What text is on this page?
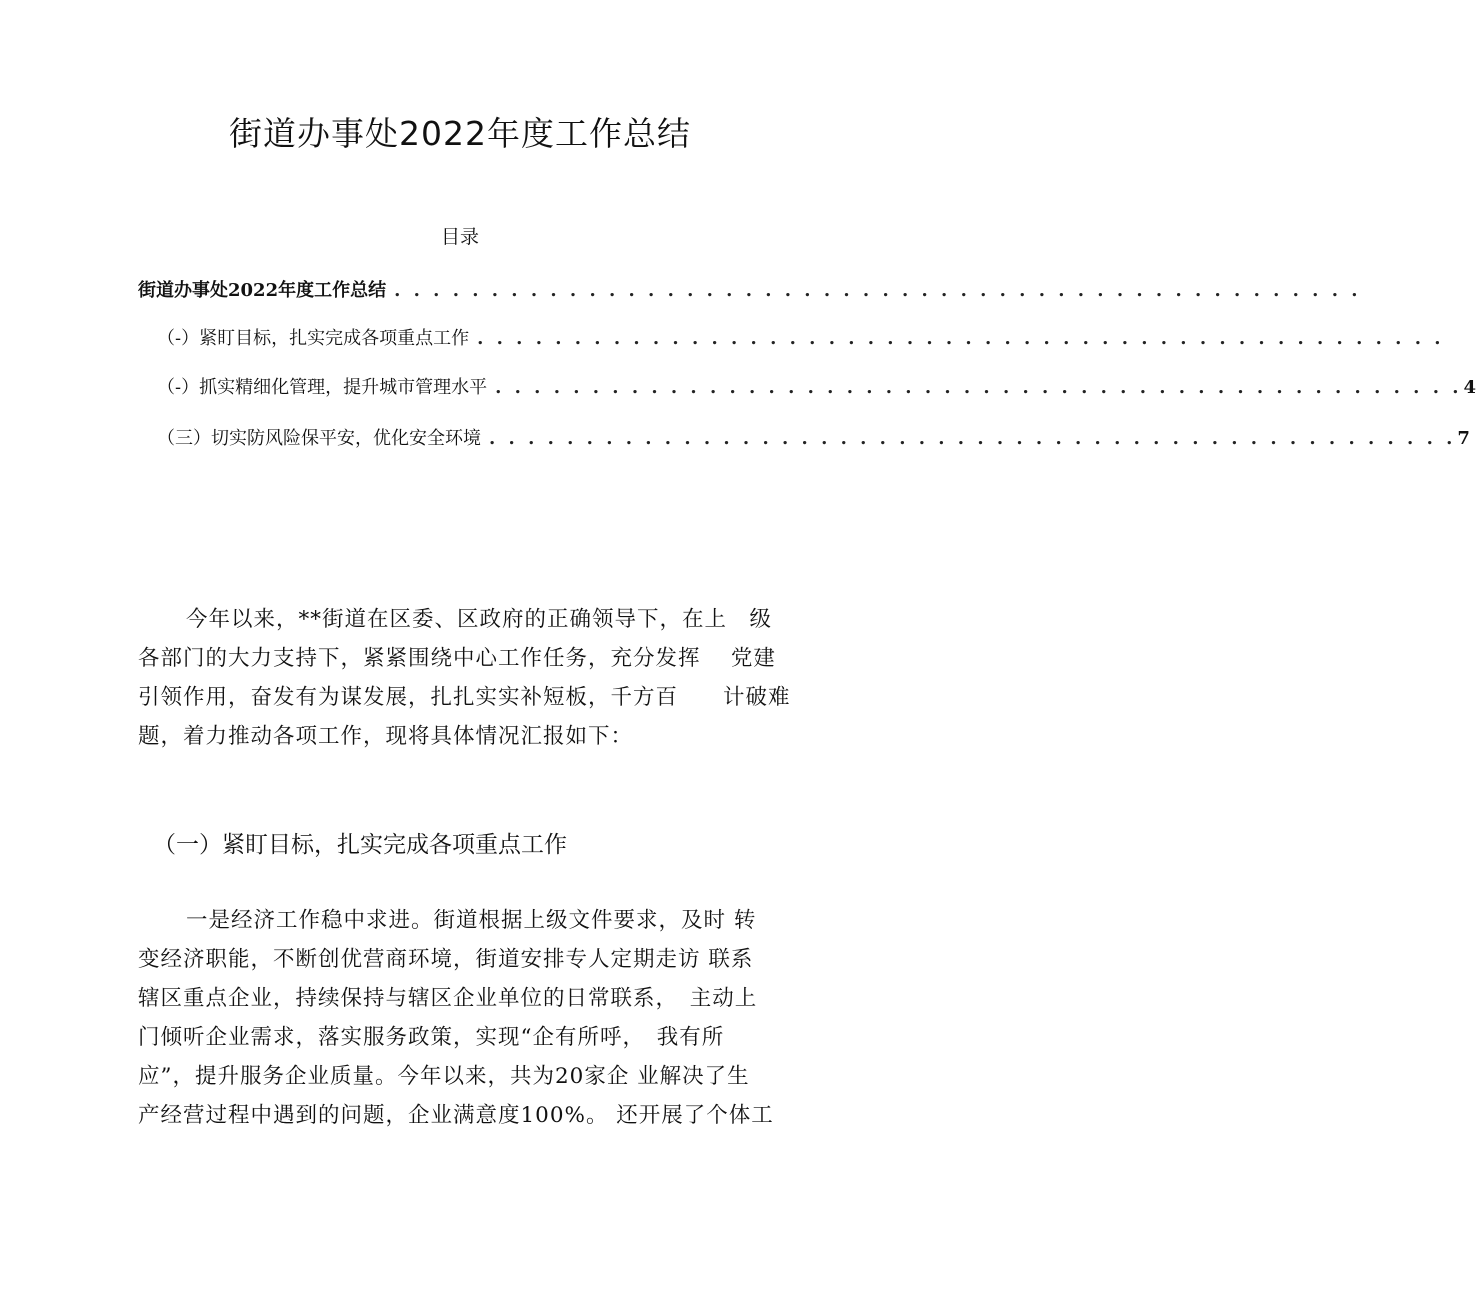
街道办事处2022年度工作总结
目录
街道办事处2022年度工作总结 . . . . . . . . . . . . . . . . . . . . . . . . . . . . . . . . . . . . . . . . . . . . . . . . . .
（-）紧盯目标，扎实完成各项重点工作 . . . . . . . . . . . . . . . . . . . . . . . . . . . . . . . . . . . . . . . . . . . . . . . . . .
（-）抓实精细化管理，提升城市管理水平 . . . . . . . . . . . . . . . . . . . . . . . . . . . . . . . . . . . . . . . . . . . . . . . . . . 4
（三）切实防风险保平安，优化安全环境 . . . . . . . . . . . . . . . . . . . . . . . . . . . . . . . . . . . . . . . . . . . . . . . . . . 7
今年以来，**街道在区委、区政府的正确领导下，在上　级
各部门的大力支持下，紧紧围绕中心工作任务，充分发挥　 党建
引领作用，奋发有为谋发展，扎扎实实补短板，千方百　　计破难
题，着力推动各项工作，现将具体情况汇报如下：
（一）紧盯目标，扎实完成各项重点工作
一是经济工作稳中求进。街道根据上级文件要求，及时 转
变经济职能，不断创优营商环境，街道安排专人定期走访 联系
辖区重点企业，持续保持与辖区企业单位的日常联系，　主动上
门倾听企业需求，落实服务政策，实现“企有所呼，　我有所
应”，提升服务企业质量。今年以来，共为20家企 业解决了生
产经营过程中遇到的问题，企业满意度100%。 还开展了个体工
